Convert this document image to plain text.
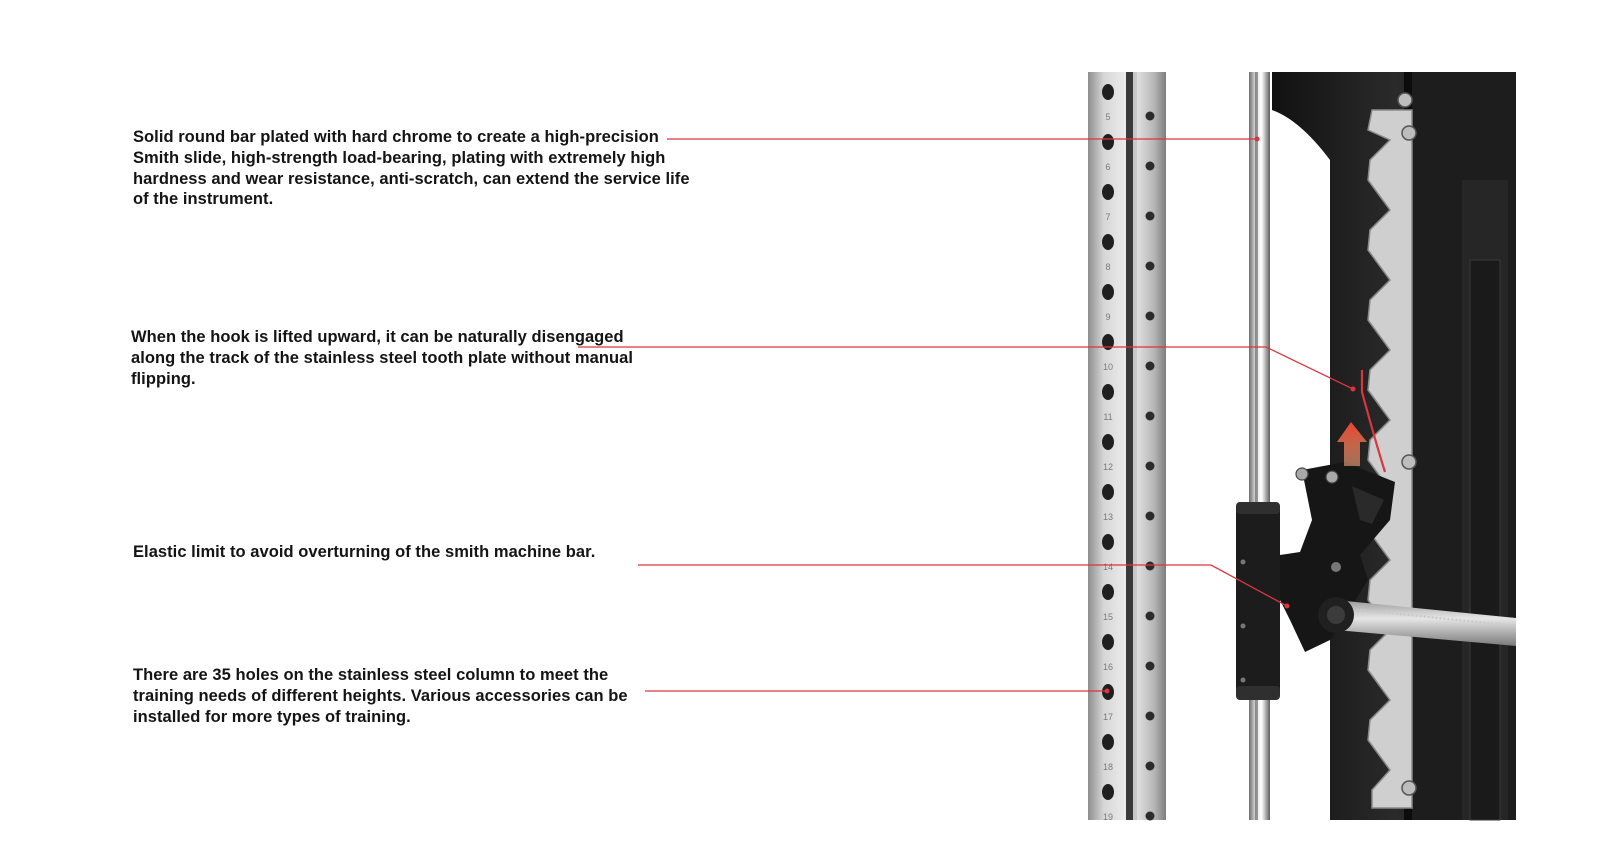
Solid round bar plated with hard chrome to create a high-precision Smith slide, high-strength load-bearing, plating with extremely high hardness and wear resistance, anti-scratch, can extend the service life of the instrument.

When the hook is lifted upward, it can be naturally disengaged along the track of the stainless steel tooth plate without manual flipping.

Elastic limit to avoid overturning of the smith machine bar.

There are 35 holes on the stainless steel column to meet the training needs of different heights. Various accessories can be installed for more types of training.

5
6
7
8
9
10
11
12
13
14
15
16
17
18
19
